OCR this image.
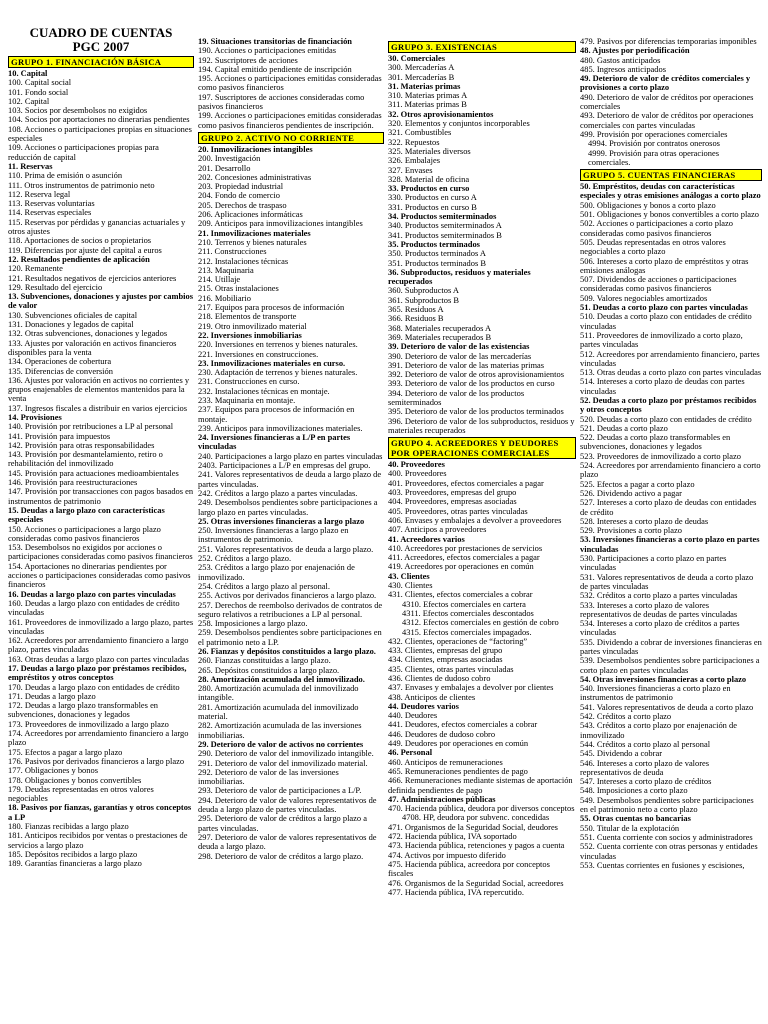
CUADRO DE CUENTAS
PGC 2007
GRUPO 1. FINANCIACIÓN BÁSICA
10. Capital
100. Capital social
101. Fondo social
102. Capital
103. Socios por desembolsos no exigidos
104. Socios por aportaciones no dinerarias pendientes
108. Acciones o participaciones propias en situaciones especiales
109. Acciones o participaciones propias para reducción de capital
11. Reservas
110. Prima de emisión o asunción
111. Otros instrumentos de patrimonio neto
112. Reserva legal
113. Reservas voluntarias
114. Reservas especiales
115. Reservas por pérdidas y ganancias actuariales y otros ajustes
118. Aportaciones de socios o propietarios
119. Diferencias por ajuste del capital a euros
12. Resultados pendientes de aplicación
120. Remanente
121. Resultados negativos de ejercicios anteriores
129. Resultado del ejercicio
13. Subvenciones, donaciones y ajustes por cambios de valor
130. Subvenciones oficiales de capital
131. Donaciones y legados de capital
132. Otras subvenciones, donaciones y legados
133. Ajustes por valoración en activos financieros disponibles para la venta
134. Operaciones de cobertura
135. Diferencias de conversión
136. Ajustes por valoración en activos no corrientes y grupos enajenables de elementos mantenidos para la venta
137. Ingresos fiscales a distribuir en varios ejercicios
14. Provisiones
140. Provisión por retribuciones a LP al personal
141. Provisión para impuestos
142. Provisión para otras responsabilidades
143. Provisión por desmantelamiento, retiro o rehabilitación del inmovilizado
145. Provisión para actuaciones medioambientales
146. Provisión para reestructuraciones
147. Provisión por transacciones con pagos basados en instrumentos de patrimonio
15. Deudas a largo plazo con características especiales
150. Acciones o participaciones a largo plazo consideradas como pasivos financieros
153. Desembolsos no exigidos por acciones o participaciones consideradas como pasivos financieros
154. Aportaciones no dinerarias pendientes por acciones o participaciones consideradas como pasivos financieros
16. Deudas a largo plazo con partes vinculadas
160. Deudas a largo plazo con entidades de crédito vinculadas
161. Proveedores de inmovilizado a largo plazo, partes vinculadas
162. Acreedores por arrendamiento financiero a largo plazo, partes vinculadas
163. Otras deudas a largo plazo con partes vinculadas
17. Deudas a largo plazo por préstamos recibidos, empréstitos y otros conceptos
170. Deudas a largo plazo con entidades de crédito
171. Deudas a largo plazo
172. Deudas a largo plazo transformables en subvenciones, donaciones y legados
173. Proveedores de inmovilizado a largo plazo
174. Acreedores por arrendamiento financiero a largo plazo
175. Efectos a pagar a largo plazo
176. Pasivos por derivados financieros a largo plazo
177. Obligaciones y bonos
178. Obligaciones y bonos convertibles
179. Deudas representadas en otros valores negociables
18. Pasivos por fianzas, garantías y otros conceptos a LP
180. Fianzas recibidas a largo plazo
181. Anticipos recibidos por ventas o prestaciones de servicios a largo plazo
185. Depósitos recibidos a largo plazo
189. Garantías financieras a largo plazo
19. Situaciones transitorias de financiación
190. Acciones o participaciones emitidas
192. Suscriptores de acciones
194. Capital emitido pendiente de inscripción
195. Acciones o participaciones emitidas consideradas como pasivos financieros
197. Suscriptores de acciones consideradas como pasivos financieros
199. Acciones o participaciones emitidas consideradas como pasivos financieros pendientes de inscripción.
GRUPO 2. ACTIVO NO CORRIENTE
20. Inmovilizaciones intangibles
200. Investigación
201. Desarrollo
202. Concesiones administrativas
203. Propiedad industrial
204. Fondo de comercio
205. Derechos de traspaso
206. Aplicaciones informáticas
209. Anticipos para inmovilizaciones intangibles
21. Inmovilizaciones materiales
210. Terrenos y bienes naturales
211. Construcciones
212. Instalaciones técnicas
213. Maquinaria
214. Utillaje
215. Otras instalaciones
216. Mobiliario
217. Equipos para procesos de información
218. Elementos de transporte
219. Otro inmovilizado material
22. Inversiones inmobiliarias
220. Inversiones en terrenos y bienes naturales.
221. Inversiones en construcciones.
23. Inmovilizaciones materiales en curso.
230. Adaptación de terrenos y bienes naturales.
231. Construcciones en curso.
232. Instalaciones técnicas en montaje.
233. Maquinaria en montaje.
237. Equipos para procesos de información en montaje.
239. Anticipos para inmovilizaciones materiales.
24. Inversiones financieras a L/P en partes vinculadas
240. Participaciones a largo plazo en partes vinculadas
2403. Participaciones a L/P en empresas del grupo.
241. Valores representativos de deuda a largo plazo de partes vinculadas.
242. Créditos a largo plazo a partes vinculadas.
249. Desembolsos pendientes sobre participaciones a largo plazo en partes vinculadas.
25. Otras inversiones financieras a largo plazo
250. Inversiones financieras a largo plazo en instrumentos de patrimonio.
251. Valores representativos de deuda a largo plazo.
252. Créditos a largo plazo.
253. Créditos a largo plazo por enajenación de inmovilizado.
254. Créditos a largo plazo al personal.
255. Activos por derivados financieros a largo plazo.
257. Derechos de reembolso derivados de contratos de seguro relativos a retribuciones a LP al personal.
258. Imposiciones a largo plazo.
259. Desembolsos pendientes sobre participaciones en el patrimonio neto a LP.
26. Fianzas y depósitos constituidos a largo plazo.
260. Fianzas constituidas a largo plazo.
265. Depósitos constituidos a largo plazo.
28. Amortización acumulada del inmovilizado.
280. Amortización acumulada del inmovilizado intangible.
281. Amortización acumulada del inmovilizado material.
282. Amortización acumulada de las inversiones inmobiliarias.
29. Deterioro de valor de activos no corrientes
290. Deterioro de valor del inmovilizado intangible.
291. Deterioro de valor del inmovilizado material.
292. Deterioro de valor de las inversiones inmobiliarias.
293. Deterioro de valor de participaciones a L/P.
294. Deterioro de valor de valores representativos de deuda a largo plazo de partes vinculadas.
295. Deterioro de valor de créditos a largo plazo a partes vinculadas.
297. Deterioro de valor de valores representativos de deuda a largo plazo.
298. Deterioro de valor de créditos a largo plazo.
GRUPO 3. EXISTENCIAS
30. Comerciales
300. Mercaderías A
301. Mercaderías B
31. Materias primas
310. Materias primas A
311. Materias primas B
32. Otros aprovisionamientos
320. Elementos y conjuntos incorporables
321. Combustibles
322. Repuestos
325. Materiales diversos
326. Embalajes
327. Envases
328. Material de oficina
33. Productos en curso
330. Productos en curso A
331. Productos en curso B
34. Productos semiterminados
340. Productos semiterminados A
341. Productos semiterminados B
35. Productos terminados
350. Productos terminados A
351. Productos terminados B
36. Subproductos, residuos y materiales recuperados
360. Subproductos A
361. Subproductos B
365. Residuos A
366. Residuos B
368. Materiales recuperados A
369. Materiales recuperados B
39. Deterioro de valor de las existencias
390. Deterioro de valor de las mercaderías
391. Deterioro de valor de las materias primas
392. Deterioro de valor de otros aprovisionamientos
393. Deterioro de valor de los productos en curso
394. Deterioro de valor de los productos semiterminados
395. Deterioro de valor de los productos terminados
396. Deterioro de valor de los subproductos, residuos y materiales recuperados
GRUPO 4. ACREEDORES Y DEUDORES POR OPERACIONES COMERCIALES
40. Proveedores
400. Proveedores
401. Proveedores, efectos comerciales a pagar
403. Proveedores, empresas del grupo
404. Proveedores, empresas asociadas
405. Proveedores, otras partes vinculadas
406. Envases y embalajes a devolver a proveedores
407. Anticipos a proveedores
41. Acreedores varios
410. Acreedores por prestaciones de servicios
411. Acreedores, efectos comerciales a pagar
419. Acreedores por operaciones en común
43. Clientes
430. Clientes
431. Clientes, efectos comerciales a cobrar
4310. Efectos comerciales en cartera
4311. Efectos comerciales descontados
4312. Efectos comerciales en gestión de cobro
4315. Efectos comerciales impagados.
432. Clientes, operaciones de “factoring”
433. Clientes, empresas del grupo
434. Clientes, empresas asociadas
435. Clientes, otras partes vinculadas
436. Clientes de dudoso cobro
437. Envases y embalajes a devolver por clientes
438. Anticipos de clientes
44. Deudores varios
440. Deudores
441. Deudores, efectos comerciales a cobrar
446. Deudores de dudoso cobro
449. Deudores por operaciones en común
46. Personal
460. Anticipos de remuneraciones
465. Remuneraciones pendientes de pago
466. Remuneraciones mediante sistemas de aportación definida pendientes de pago
47. Administraciones públicas
470. Hacienda pública, deudora por diversos conceptos
4708. HP, deudora por subvenc. concedidas
471. Organismos de la Seguridad Social, deudores
472. Hacienda pública, IVA soportado
473. Hacienda pública, retenciones y pagos a cuenta
474. Activos por impuesto diferido
475. Hacienda pública, acreedora por conceptos fiscales
476. Organismos de la Seguridad Social, acreedores
477. Hacienda pública, IVA repercutido.
479. Pasivos por diferencias temporarias imponibles
48. Ajustes por periodificación
480. Gastos anticipados
485. Ingresos anticipados
49. Deterioro de valor de créditos comerciales y provisiones a corto plazo
490. Deterioro de valor de créditos por operaciones comerciales
493. Deterioro de valor de créditos por operaciones comerciales con partes vinculadas
499. Provisión por operaciones comerciales
4994. Provisión por contratos onerosos
4999. Provisión para otras operaciones comerciales.
GRUPO 5. CUENTAS FINANCIERAS
50. Empréstitos, deudas con características especiales y otras emisiones análogas a corto plazo
500. Obligaciones y bonos a corto plazo
501. Obligaciones y bonos convertibles a corto plazo
502. Acciones o participaciones a corto plazo consideradas como pasivos financieros
505. Deudas representadas en otros valores negociables a corto plazo
506. Intereses a corto plazo de empréstitos y otras emisiones análogas
507. Dividendos de acciones o participaciones consideradas como pasivos financieros
509. Valores negociables amortizados
51. Deudas a corto plazo con partes vinculadas
510. Deudas a corto plazo con entidades de crédito vinculadas
511. Proveedores de inmovilizado a corto plazo, partes vinculadas
512. Acreedores por arrendamiento financiero, partes vinculadas
513. Otras deudas a corto plazo con partes vinculadas
514. Intereses a corto plazo de deudas con partes vinculadas
52. Deudas a corto plazo por préstamos recibidos y otros conceptos
520. Deudas a corto plazo con entidades de crédito
521. Deudas a corto plazo
522. Deudas a corto plazo transformables en subvenciones, donaciones y legados
523. Proveedores de inmovilizado a corto plazo
524. Acreedores por arrendamiento financiero a corto plazo
525. Efectos a pagar a corto plazo
526. Dividendo activo a pagar
527. Intereses a corto plazo de deudas con entidades de crédito
528. Intereses a corto plazo de deudas
529. Provisiones a corto plazo
53. Inversiones financieras a corto plazo en partes vinculadas
530. Participaciones a corto plazo en partes vinculadas
531. Valores representativos de deuda a corto plazo de partes vinculadas
532. Créditos a corto plazo a partes vinculadas
533. Intereses a corto plazo de valores representativos de deudas de partes vinculadas
534. Intereses a corto plazo de créditos a partes vinculadas
535. Dividendo a cobrar de inversiones financieras en partes vinculadas
539. Desembolsos pendientes sobre participaciones a corto plazo en partes vinculadas
54. Otras inversiones financieras a corto plazo
540. Inversiones financieras a corto plazo en instrumentos de patrimonio
541. Valores representativos de deuda a corto plazo
542. Créditos a corto plazo
543. Créditos a corto plazo por enajenación de inmovilizado
544. Créditos a corto plazo al personal
545. Dividendo a cobrar
546. Intereses a corto plazo de valores representativos de deuda
547. Intereses a corto plazo de créditos
548. Imposiciones a corto plazo
549. Desembolsos pendientes sobre participaciones en el patrimonio neto a corto plazo
55. Otras cuentas no bancarias
550. Titular de la explotación
551. Cuenta corriente con socios y administradores
552. Cuenta corriente con otras personas y entidades vinculadas
553. Cuentas corrientes en fusiones y escisiones,
